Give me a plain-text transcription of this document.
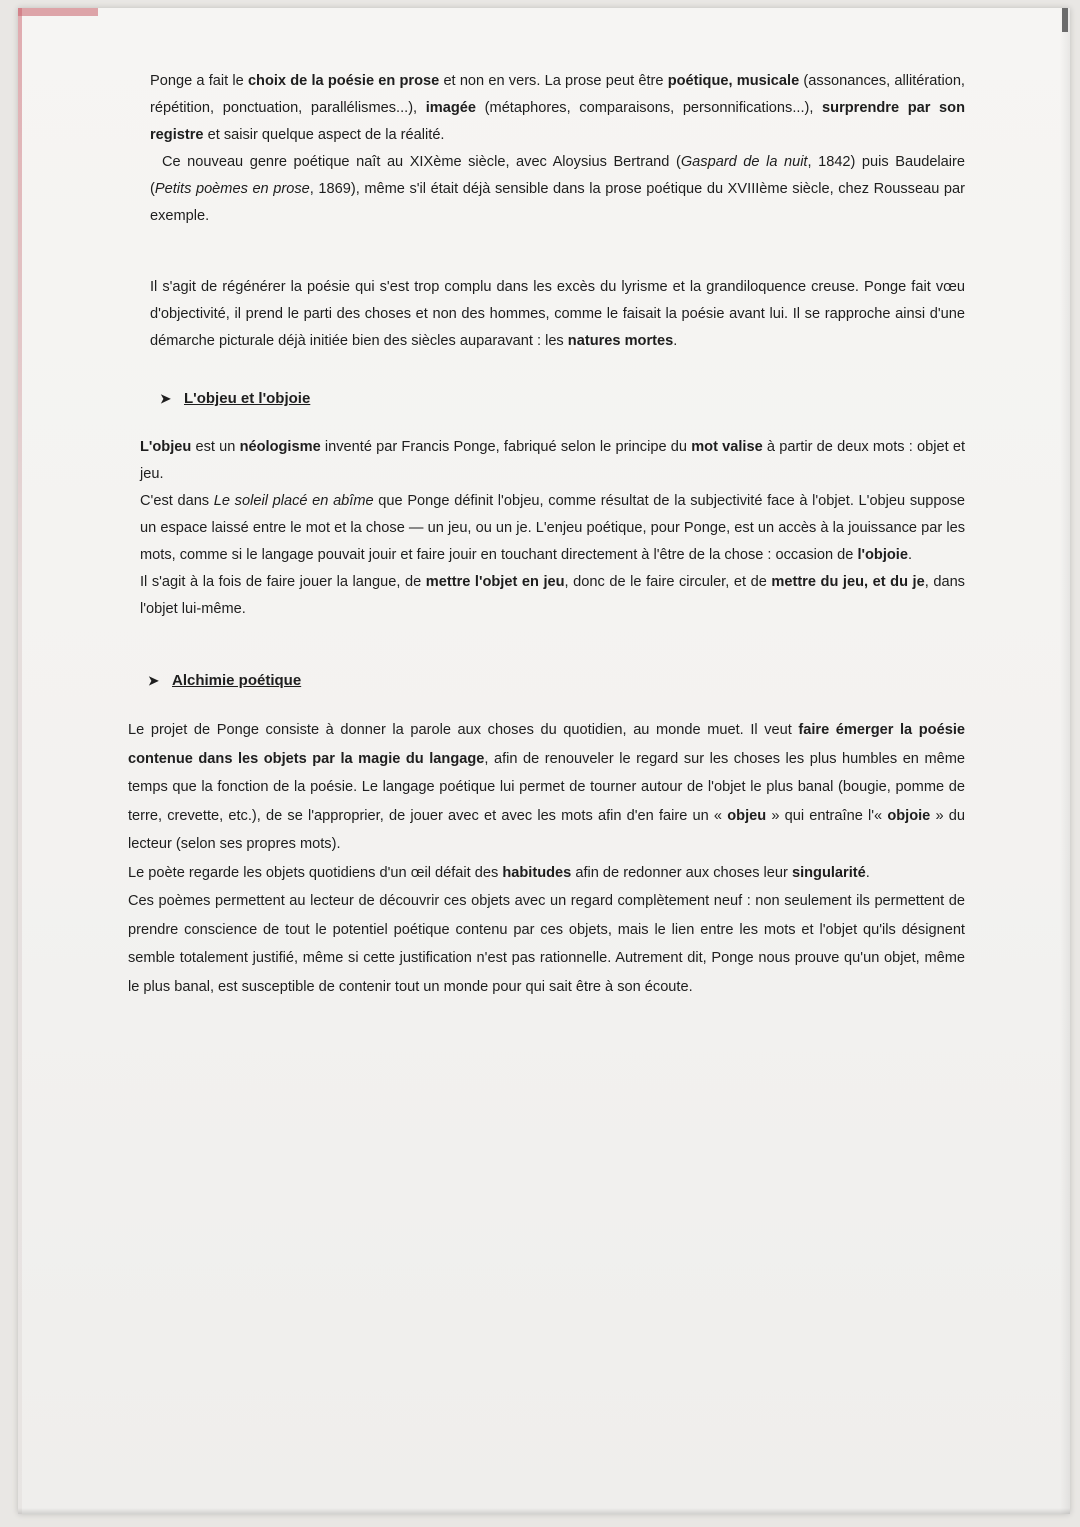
Ponge a fait le choix de la poésie en prose et non en vers. La prose peut être poétique, musicale (assonances, allitération, répétition, ponctuation, parallélismes...), imagée (métaphores, comparaisons, personnifications...), surprendre par son registre et saisir quelque aspect de la réalité.

Ce nouveau genre poétique naît au XIXème siècle, avec Aloysius Bertrand (Gaspard de la nuit, 1842) puis Baudelaire (Petits poèmes en prose, 1869), même s'il était déjà sensible dans la prose poétique du XVIIIème siècle, chez Rousseau par exemple.

Il s'agit de régénérer la poésie qui s'est trop complu dans les excès du lyrisme et la grandiloquence creuse. Ponge fait vœu d'objectivité, il prend le parti des choses et non des hommes, comme le faisait la poésie avant lui. Il se rapproche ainsi d'une démarche picturale déjà initiée bien des siècles auparavant : les natures mortes.

➤ L'objeu et l'objoie

L'objeu est un néologisme inventé par Francis Ponge, fabriqué selon le principe du mot valise à partir de deux mots : objet et jeu.

C'est dans Le soleil placé en abîme que Ponge définit l'objeu, comme résultat de la subjectivité face à l'objet. L'objeu suppose un espace laissé entre le mot et la chose — un jeu, ou un je. L'enjeu poétique, pour Ponge, est un accès à la jouissance par les mots, comme si le langage pouvait jouir et faire jouir en touchant directement à l'être de la chose : occasion de l'objoie.

Il s'agit à la fois de faire jouer la langue, de mettre l'objet en jeu, donc de le faire circuler, et de mettre du jeu, et du je, dans l'objet lui-même.

➤ Alchimie poétique

Le projet de Ponge consiste à donner la parole aux choses du quotidien, au monde muet. Il veut faire émerger la poésie contenue dans les objets par la magie du langage, afin de renouveler le regard sur les choses les plus humbles en même temps que la fonction de la poésie. Le langage poétique lui permet de tourner autour de l'objet le plus banal (bougie, pomme de terre, crevette, etc.), de se l'approprier, de jouer avec et avec les mots afin d'en faire un « objeu » qui entraîne l'« objoie » du lecteur (selon ses propres mots).

Le poète regarde les objets quotidiens d'un œil défait des habitudes afin de redonner aux choses leur singularité.

Ces poèmes permettent au lecteur de découvrir ces objets avec un regard complètement neuf : non seulement ils permettent de prendre conscience de tout le potentiel poétique contenu par ces objets, mais le lien entre les mots et l'objet qu'ils désignent semble totalement justifié, même si cette justification n'est pas rationnelle. Autrement dit, Ponge nous prouve qu'un objet, même le plus banal, est susceptible de contenir tout un monde pour qui sait être à son écoute.
